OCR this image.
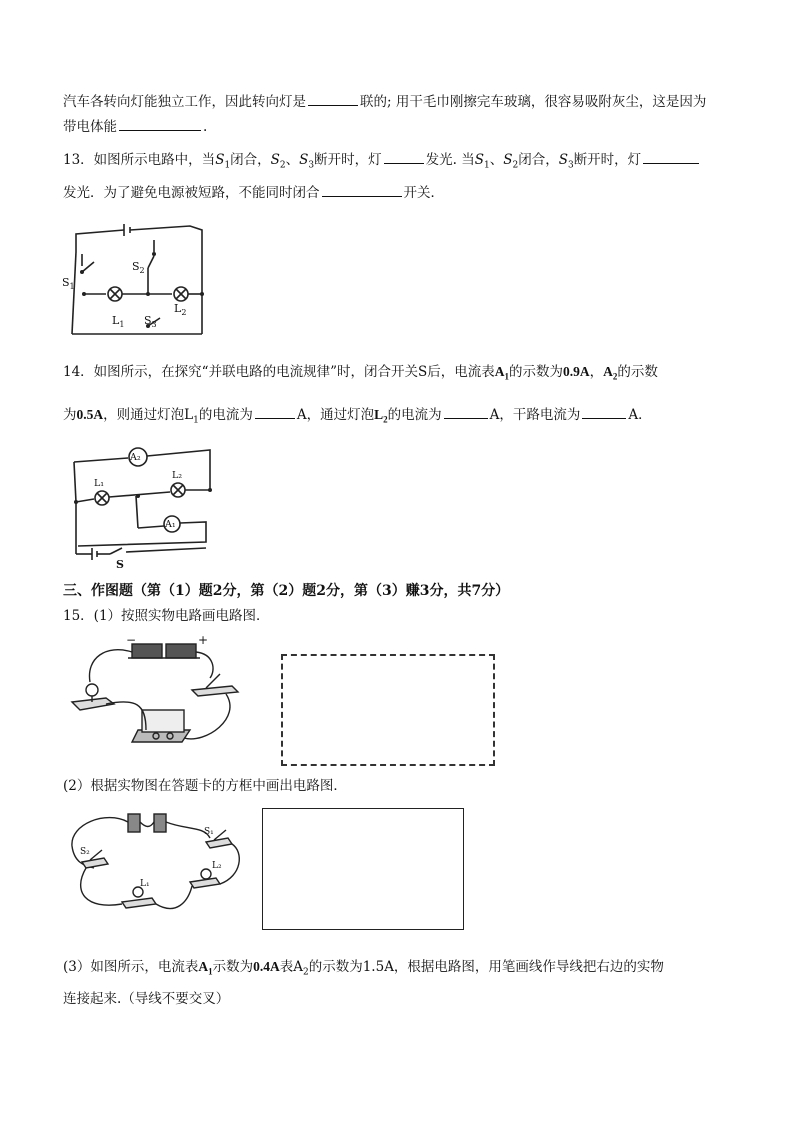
汽车各转向灯能独立工作，因此转向灯是	联的; 用干毛巾刚擦完车玻璃，很容易吸附灰尘，这是因为
带电体能	.
13．如图所示电路中，当$S_1$闭合，$S_2$、$S_3$断开时，灯	发光. 当$S_1$、$S_2$闭合，$S_3$断开时，灯
发光．为了避免电源被短路，不能同时闭合	开关．
$S_1$
$S_2$
$L_2$
$L_1$ $S_3$
14．如图所示，在探究“并联电路的电流规律”时，闭合开关S后，电流表$A_1$的示数为0.9A，$A_2$的示数
为0.5A，则通过灯泡$L_1$的电流为	A，通过灯泡$L_2$的电流为	A，干路电流为	A．
A₂
A₁
L₁
L₂
S
三、作图题（第（1）题2分，第（2）题2分，第（3）赚3分，共7分）
15．(1）按照实物电路画电路图．
−	+
(2）根据实物图在答题卡的方框中画出电路图．
S₁
S₂
L₁
L₂
(3）如图所示，电流表$A_1$示数为0.4A表$A_2$的示数为1.5A，根据电路图，用笔画线作导线把右边的实物
连接起来.（导线不要交叉）
